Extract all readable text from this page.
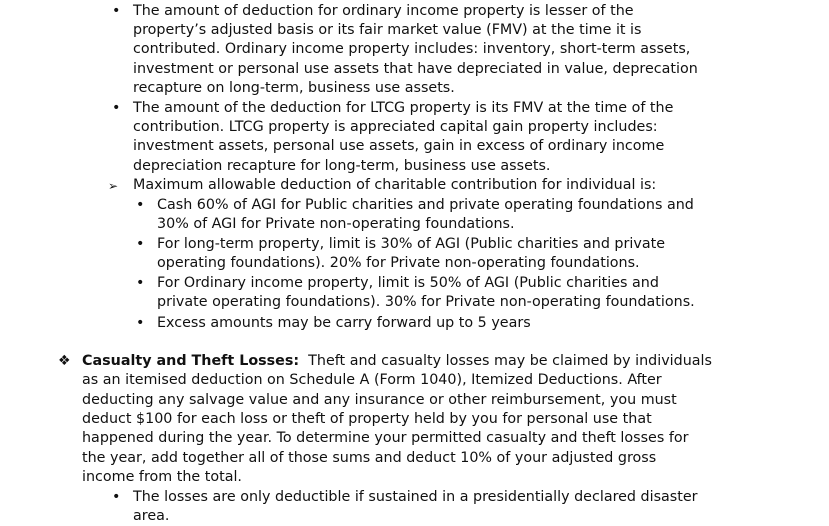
• The amount of deduction for ordinary income property is lesser of the
property’s adjusted basis or its fair market value (FMV) at the time it is
contributed. Ordinary income property includes: inventory, short-term assets,
investment or personal use assets that have depreciated in value, deprecation
recapture on long-term, business use assets.
• The amount of the deduction for LTCG property is its FMV at the time of the
contribution. LTCG property is appreciated capital gain property includes:
investment assets, personal use assets, gain in excess of ordinary income
depreciation recapture for long-term, business use assets.
➢ Maximum allowable deduction of charitable contribution for individual is:
• Cash 60% of AGI for Public charities and private operating foundations and
30% of AGI for Private non-operating foundations.
• For long-term property, limit is 30% of AGI (Public charities and private
operating foundations). 20% for Private non-operating foundations.
• For Ordinary income property, limit is 50% of AGI (Public charities and
private operating foundations). 30% for Private non-operating foundations.
• Excess amounts may be carry forward up to 5 years
❖ Casualty and Theft Losses:  Theft and casualty losses may be claimed by individuals
as an itemised deduction on Schedule A (Form 1040), Itemized Deductions. After
deducting any salvage value and any insurance or other reimbursement, you must
deduct $100 for each loss or theft of property held by you for personal use that
happened during the year. To determine your permitted casualty and theft losses for
the year, add together all of those sums and deduct 10% of your adjusted gross
income from the total.
• The losses are only deductible if sustained in a presidentially declared disaster
area.
